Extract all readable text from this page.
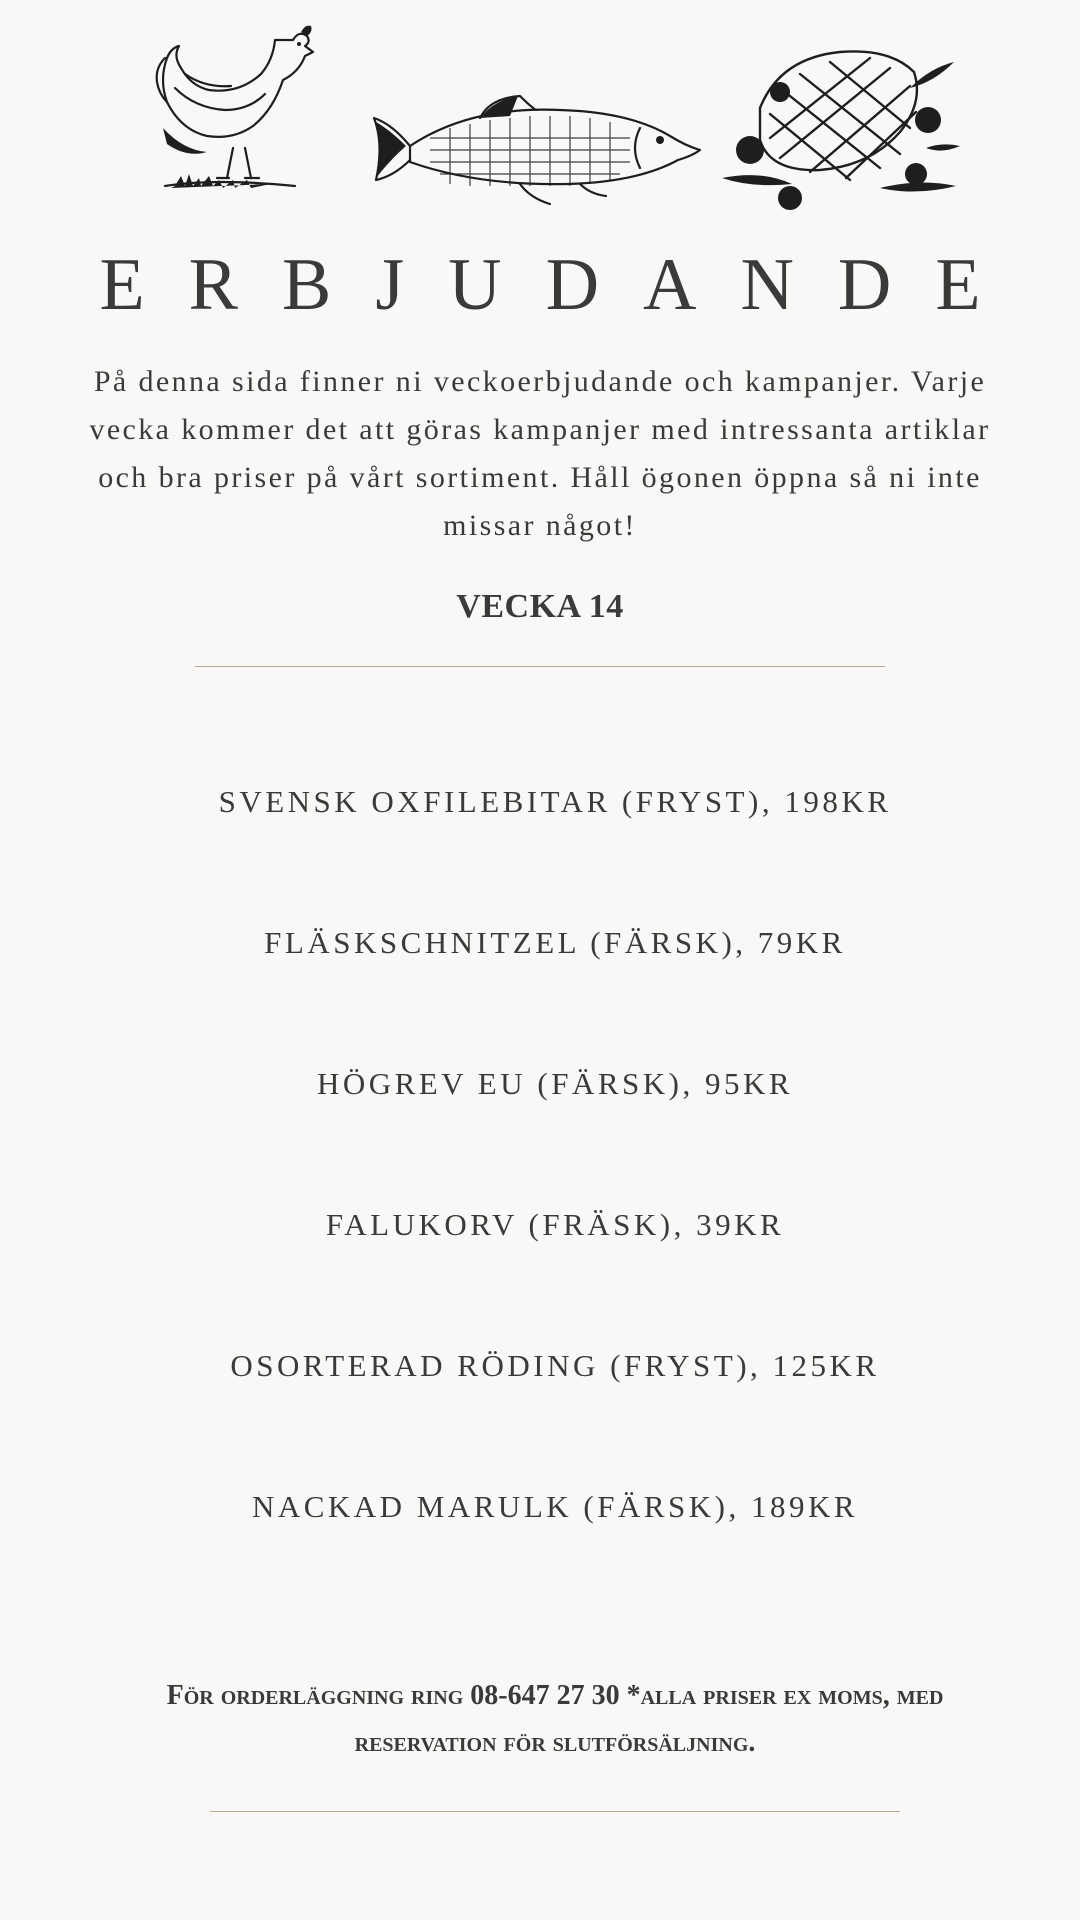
ERBJUDANDE

På denna sida finner ni veckoerbjudande och kampanjer. Varje vecka kommer det att göras kampanjer med intressanta artiklar och bra priser på vårt sortiment. Håll ögonen öppna så ni inte missar något!

VECKA 14
SVENSK OXFILEBITAR (FRYST), 198KR
FLÄSKSCHNITZEL (FÄRSK), 79KR
HÖGREV EU (FÄRSK), 95KR
FALUKORV (FRÄSK), 39KR
OSORTERAD RÖDING (FRYST), 125KR
NACKAD MARULK (FÄRSK), 189KR

För orderläggning ring 08-647 27 30 *alla priser ex moms, med reservation för slutförsäljning.
